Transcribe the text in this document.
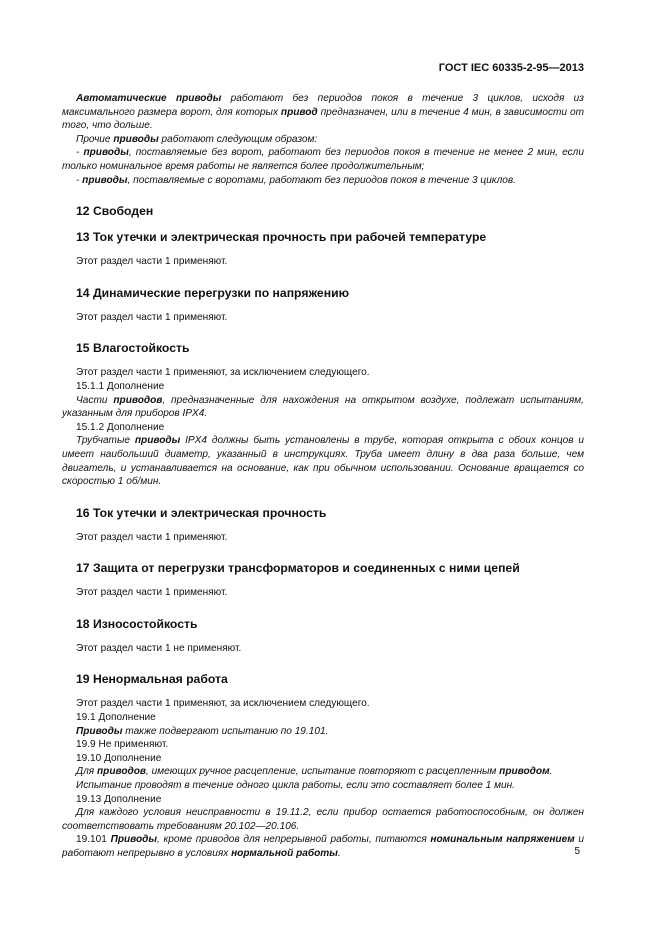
ГОСТ IEC 60335-2-95—2013

Автоматические приводы работают без периодов покоя в течение 3 циклов, исходя из максимального размера ворот, для которых привод предназначен, или в течение 4 мин, в зависимости от того, что дольше.

Прочие приводы работают следующим образом:

- приводы, поставляемые без ворот, работают без периодов покоя в течение не менее 2 мин, если только номинальное время работы не является более продолжительным;

- приводы, поставляемые с воротами, работают без периодов покоя в течение 3 циклов.

12 Свободен
13 Ток утечки и электрическая прочность при рабочей температуре

Этот раздел части 1 применяют.

14 Динамические перегрузки по напряжению

Этот раздел части 1 применяют.

15 Влагостойкость

Этот раздел части 1 применяют, за исключением следующего.

15.1.1 Дополнение

Части приводов, предназначенные для нахождения на открытом воздухе, подлежат испытаниям, указанным для приборов IPX4.

15.1.2 Дополнение

Трубчатые приводы IPX4 должны быть установлены в трубе, которая открыта с обоих концов и имеет наибольший диаметр, указанный в инструкциях. Труба имеет длину в два раза больше, чем двигатель, и устанавливается на основание, как при обычном использовании. Основание вращается со скоростью 1 об/мин.

16 Ток утечки и электрическая прочность

Этот раздел части 1 применяют.

17 Защита от перегрузки трансформаторов и соединенных с ними цепей

Этот раздел части 1 применяют.

18 Износостойкость

Этот раздел части 1 не применяют.

19 Ненормальная работа

Этот раздел части 1 применяют, за исключением следующего.

19.1 Дополнение

Приводы также подвергают испытанию по 19.101.

19.9 Не применяют.

19.10 Дополнение

Для приводов, имеющих ручное расцепление, испытание повторяют с расцепленным приводом.

Испытание проводят в течение одного цикла работы, если это составляет более 1 мин.

19.13 Дополнение

Для каждого условия неисправности в 19.11.2, если прибор остается работоспособным, он должен соответствовать требованиям 20.102—20.106.

19.101 Приводы, кроме приводов для непрерывной работы, питаются номинальным напряжением и работают непрерывно в условиях нормальной работы.	5
